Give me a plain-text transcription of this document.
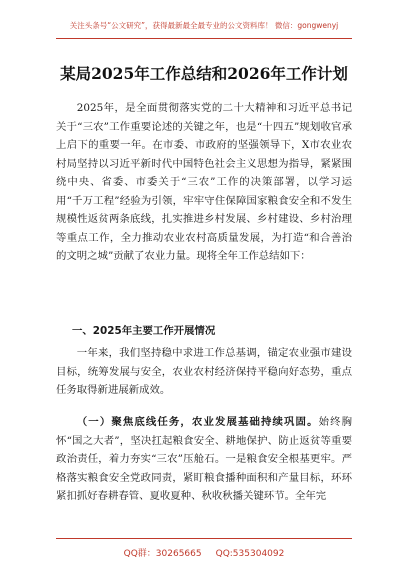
关注头条号“公文研究”，获得最新最全最专业的公文资料库！ 微信：gongwenyj
某局2025年工作总结和2026年工作计划
2025年，是全面贯彻落实党的二十大精神和习近平总书记关于“三农”工作重要论述的关键之年，也是“十四五”规划收官承上启下的重要一年。在市委、市政府的坚强领导下，X市农业农村局坚持以习近平新时代中国特色社会主义思想为指导，紧紧围绕中央、省委、市委关于“三农”工作的决策部署，以学习运用“千万工程”经验为引领，牢牢守住保障国家粮食安全和不发生规模性返贫两条底线，扎实推进乡村发展、乡村建设、乡村治理等重点工作，全力推动农业农村高质量发展，为打造“和合善治的文明之城”贡献了农业力量。现将全年工作总结如下：
一、2025年主要工作开展情况
一年来，我们坚持稳中求进工作总基调，锚定农业强市建设目标，统筹发展与安全，农业农村经济保持平稳向好态势，重点任务取得新进展新成效。
（一）聚焦底线任务，农业发展基础持续巩固。始终胸怀“国之大者”，坚决扛起粮食安全、耕地保护、防止返贫等重要政治责任，着力夯实“三农”压舱石。一是粮食安全根基更牢。严格落实粮食安全党政同责，紧盯粮食播种面积和产量目标，环环紧扣抓好春耕春管、夏收夏种、秋收秋播关键环节。全年完
QQ群：30265665 QQ:535304092
